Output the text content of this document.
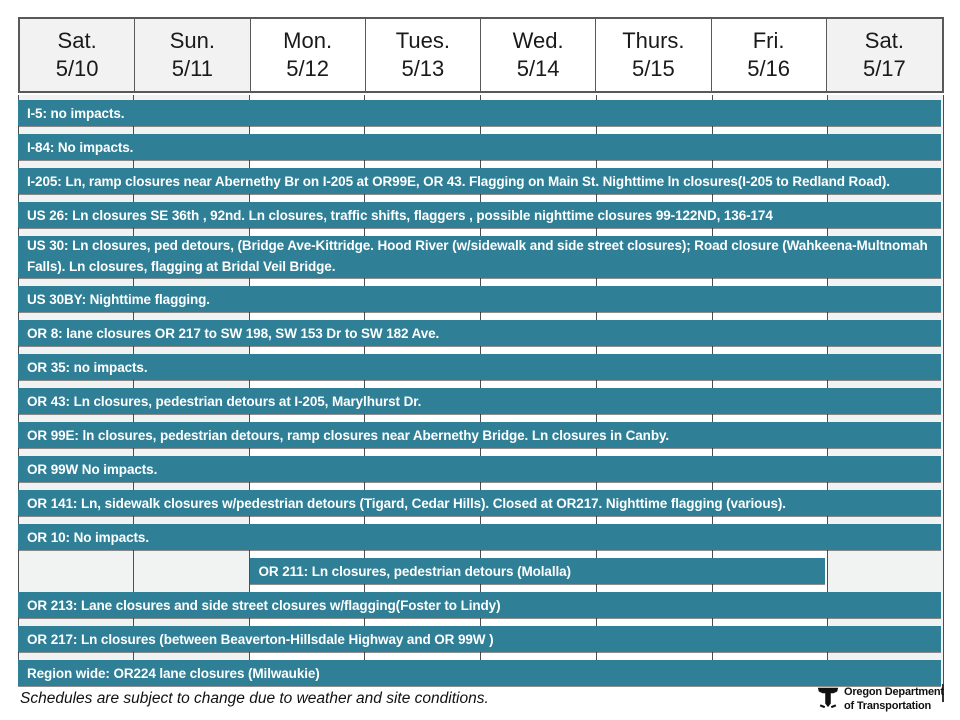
Sat.
5/10
Sun.
5/11
Mon.
5/12
Tues.
5/13
Wed.
5/14
Thurs.
5/15
Fri.
5/16
Sat.
5/17
I-5: no impacts.
I-84: No impacts.
I-205: Ln, ramp closures near Abernethy Br on I-205 at OR99E, OR 43. Flagging on Main St. Nighttime ln closures(I-205 to Redland Road).
US 26: Ln closures SE 36th , 92nd. Ln closures, traffic shifts, flaggers , possible nighttime closures 99-122ND, 136-174
US 30: Ln closures, ped detours, (Bridge Ave-Kittridge. Hood River (w/sidewalk and side street closures); Road closure (Wahkeena-Multnomah Falls). Ln closures, flagging at Bridal Veil Bridge.
US 30BY: Nighttime flagging.
OR 8: lane closures OR 217 to SW 198, SW 153 Dr to SW 182 Ave.
OR 35: no impacts.
OR 43: Ln closures, pedestrian detours at I-205, Marylhurst Dr.
OR 99E: ln closures, pedestrian detours, ramp closures near Abernethy Bridge. Ln closures in Canby.
OR 99W No impacts.
OR 141: Ln, sidewalk closures w/pedestrian detours (Tigard, Cedar Hills). Closed at OR217. Nighttime flagging (various).
OR 10: No impacts.
OR 211: Ln closures, pedestrian detours (Molalla)
OR 213: Lane closures and side street closures w/flagging(Foster to Lindy)
OR 217: Ln closures (between Beaverton-Hillsdale Highway and OR 99W )
Region wide: OR224 lane closures (Milwaukie)
Schedules are subject to change due to weather and site conditions.	Oregon Department
of Transportation
